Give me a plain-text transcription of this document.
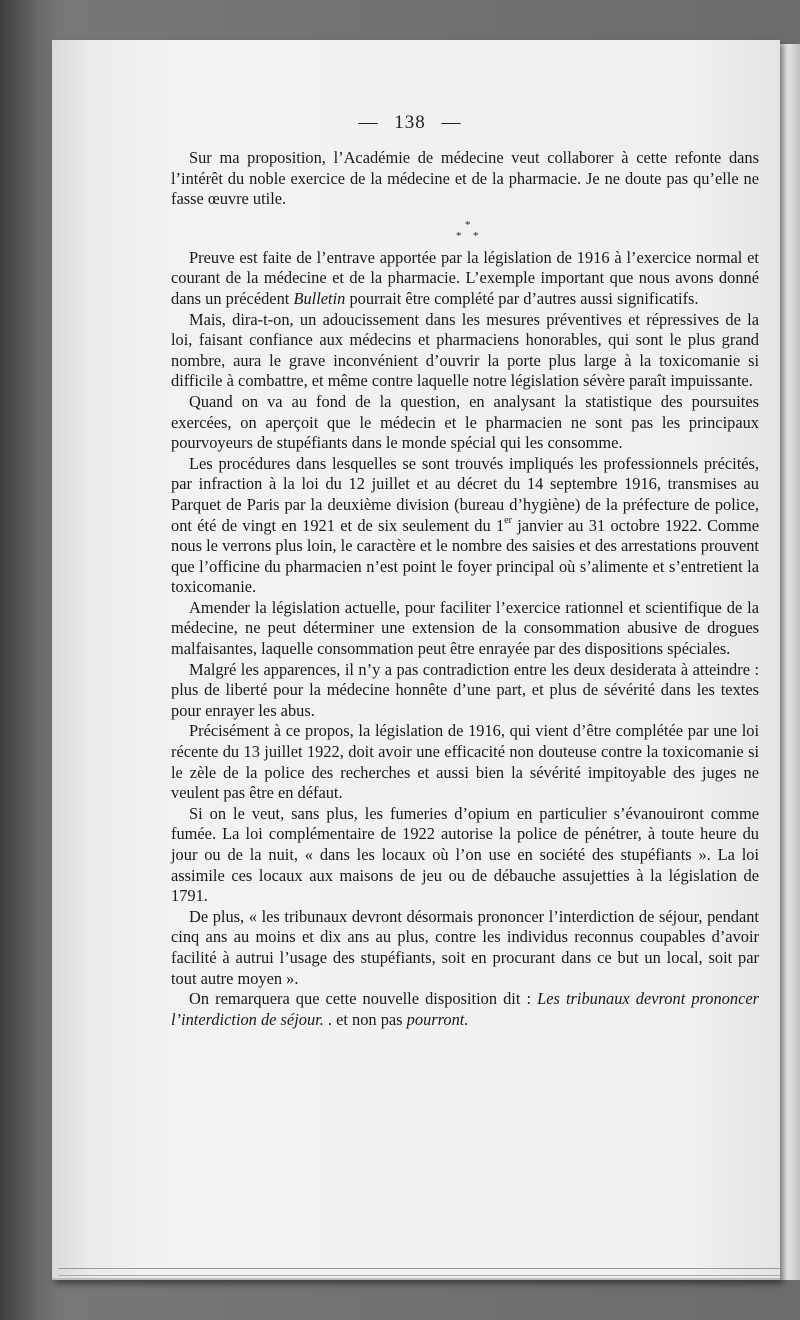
— 138 —

Sur ma proposition, l’Académie de médecine veut collaborer à cette refonte dans l’intérêt du noble exercice de la médecine et de la pharmacie. Je ne doute pas qu’elle ne fasse œuvre utile.

*
* *

Preuve est faite de l’entrave apportée par la législation de 1916 à l’exercice normal et courant de la médecine et de la pharmacie. L’exemple important que nous avons donné dans un précédent Bulletin pourrait être complété par d’autres aussi significatifs.

Mais, dira-t-on, un adoucissement dans les mesures préventives et répressives de la loi, faisant confiance aux médecins et pharmaciens honorables, qui sont le plus grand nombre, aura le grave inconvénient d’ouvrir la porte plus large à la toxicomanie si difficile à combattre, et même contre laquelle notre législation sévère paraît impuissante.

Quand on va au fond de la question, en analysant la statistique des poursuites exercées, on aperçoit que le médecin et le pharmacien ne sont pas les principaux pourvoyeurs de stupéfiants dans le monde spécial qui les consomme.

Les procédures dans lesquelles se sont trouvés impliqués les professionnels précités, par infraction à la loi du 12 juillet et au décret du 14 septembre 1916, transmises au Parquet de Paris par la deuxième division (bureau d’hygiène) de la préfecture de police, ont été de vingt en 1921 et de six seulement du 1er janvier au 31 octobre 1922. Comme nous le verrons plus loin, le caractère et le nombre des saisies et des arrestations prouvent que l’officine du pharmacien n’est point le foyer principal où s’alimente et s’entretient la toxicomanie.

Amender la législation actuelle, pour faciliter l’exercice rationnel et scientifique de la médecine, ne peut déterminer une extension de la consommation abusive de drogues malfaisantes, laquelle consommation peut être enrayée par des dispositions spéciales.

Malgré les apparences, il n’y a pas contradiction entre les deux desiderata à atteindre : plus de liberté pour la médecine honnête d’une part, et plus de sévérité dans les textes pour enrayer les abus.

Précisément à ce propos, la législation de 1916, qui vient d’être complétée par une loi récente du 13 juillet 1922, doit avoir une efficacité non douteuse contre la toxicomanie si le zèle de la police des recherches et aussi bien la sévérité impitoyable des juges ne veulent pas être en défaut.

Si on le veut, sans plus, les fumeries d’opium en particulier s’évanouiront comme fumée. La loi complémentaire de 1922 autorise la police de pénétrer, à toute heure du jour ou de la nuit, « dans les locaux où l’on use en société des stupéfiants ». La loi assimile ces locaux aux maisons de jeu ou de débauche assujetties à la législation de 1791.

De plus, « les tribunaux devront désormais prononcer l’interdiction de séjour, pendant cinq ans au moins et dix ans au plus, contre les individus reconnus coupables d’avoir facilité à autrui l’usage des stupéfiants, soit en procurant dans ce but un local, soit par tout autre moyen ».

On remarquera que cette nouvelle disposition dit : Les tribunaux devront prononcer l’interdiction de séjour. . et non pas pourront.
